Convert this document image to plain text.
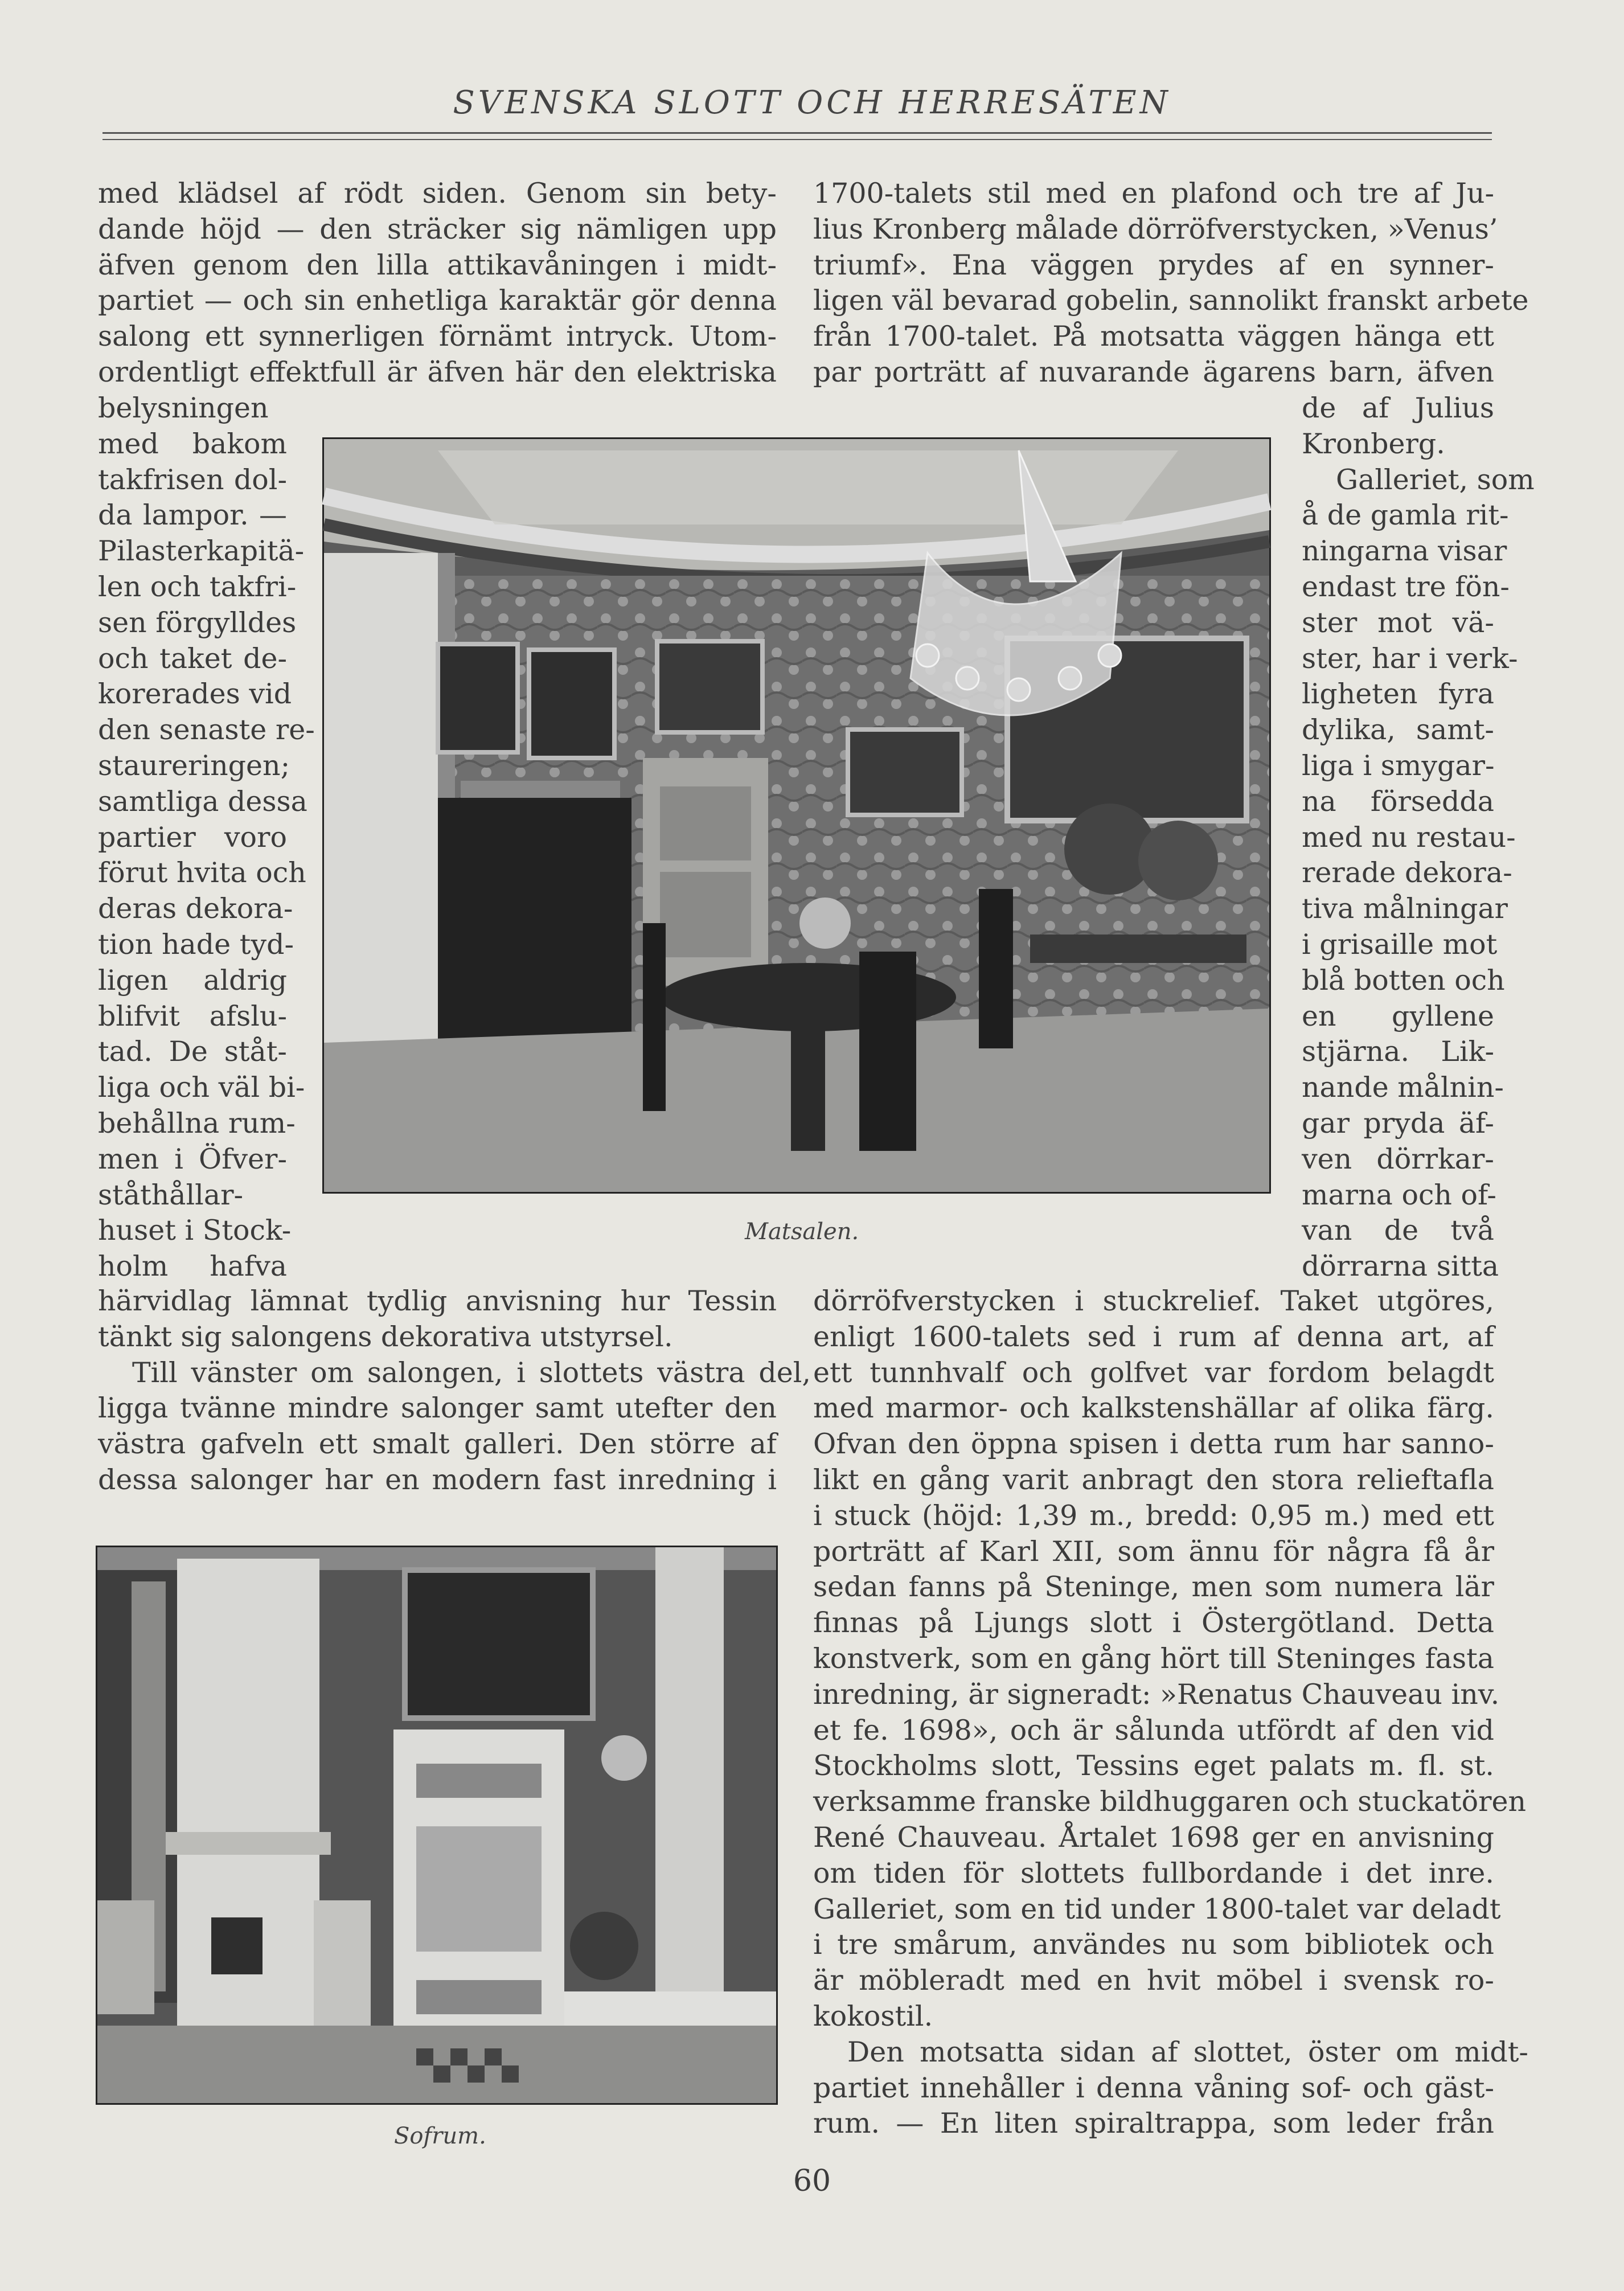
SVENSKA SLOTT OCH HERRESÄTEN
med klädsel af rödt siden. Genom sin bety-
dande höjd — den sträcker sig nämligen upp
äfven genom den lilla attikavåningen i midt-
partiet — och sin enhetliga karaktär gör denna
salong ett synnerligen förnämt intryck. Utom-
ordentligt effektfull är äfven här den elektriska
belysningen
med bakom
takfrisen dol-
da lampor. —
Pilasterkapitä-
len och takfri-
sen förgylldes
och taket de-
korerades vid
den senaste re-
staureringen;
samtliga dessa
partier voro
förut hvita och
deras dekora-
tion hade tyd-
ligen aldrig
blifvit afslu-
tad. De ståt-
liga och väl bi-
behållna rum-
men i Öfver-
ståthållar-
huset i Stock-
holm hafva
härvidlag lämnat tydlig anvisning hur Tessin
tänkt sig salongens dekorativa utstyrsel.
Till vänster om salongen, i slottets västra del,
ligga tvänne mindre salonger samt utefter den
västra gafveln ett smalt galleri. Den större af
dessa salonger har en modern fast inredning i
1700-talets stil med en plafond och tre af Ju-
lius Kronberg målade dörröfverstycken, »Venus’
triumf». Ena väggen prydes af en synner-
ligen väl bevarad gobelin, sannolikt franskt arbete
från 1700-talet. På motsatta väggen hänga ett
par porträtt af nuvarande ägarens barn, äfven
de af Julius
Kronberg.
Galleriet, som
å de gamla rit-
ningarna visar
endast tre fön-
ster mot vä-
ster, har i verk-
ligheten fyra
dylika, samt-
liga i smygar-
na försedda
med nu restau-
rerade dekora-
tiva målningar
i grisaille mot
blå botten och
en gyllene
stjärna. Lik-
nande målnin-
gar pryda äf-
ven dörrkar-
marna och of-
van de två
dörrarna sitta
dörröfverstycken i stuckrelief. Taket utgöres,
enligt 1600-talets sed i rum af denna art, af
ett tunnhvalf och golfvet var fordom belagdt
med marmor- och kalkstenshällar af olika färg.
Ofvan den öppna spisen i detta rum har sanno-
likt en gång varit anbragt den stora relieftafla
i stuck (höjd: 1,39 m., bredd: 0,95 m.) med ett
porträtt af Karl XII, som ännu för några få år
sedan fanns på Steninge, men som numera lär
finnas på Ljungs slott i Östergötland. Detta
konstverk, som en gång hört till Steninges fasta
inredning, är signeradt: »Renatus Chauveau inv.
et fe. 1698», och är sålunda utfördt af den vid
Stockholms slott, Tessins eget palats m. fl. st.
verksamme franske bildhuggaren och stuckatören
René Chauveau. Årtalet 1698 ger en anvisning
om tiden för slottets fullbordande i det inre.
Galleriet, som en tid under 1800-talet var deladt
i tre smårum, användes nu som bibliotek och
är möbleradt med en hvit möbel i svensk ro-
kokostil.
Den motsatta sidan af slottet, öster om midt-
partiet innehåller i denna våning sof- och gäst-
rum. — En liten spiraltrappa, som leder från
Matsalen.
Sofrum.
60
